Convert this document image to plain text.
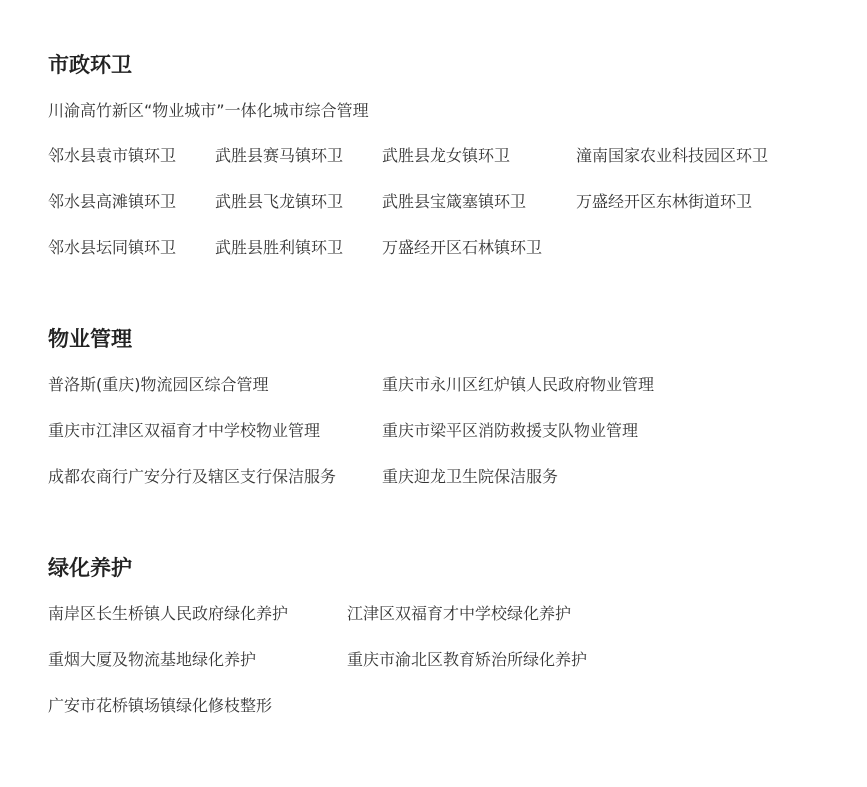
市政环卫
川渝高竹新区“物业城市”一体化城市综合管理
邻水县袁市镇环卫 武胜县赛马镇环卫 武胜县龙女镇环卫	潼南国家农业科技园区环卫
邻水县高滩镇环卫 武胜县飞龙镇环卫 武胜县宝箴塞镇环卫	万盛经开区东林街道环卫
邻水县坛同镇环卫 武胜县胜利镇环卫 万盛经开区石林镇环卫
物业管理
普洛斯(重庆)物流园区综合管理	重庆市永川区红炉镇人民政府物业管理
重庆市江津区双福育才中学校物业管理	重庆市梁平区消防救援支队物业管理
成都农商行广安分行及辖区支行保洁服务	重庆迎龙卫生院保洁服务
绿化养护
南岸区长生桥镇人民政府绿化养护	江津区双福育才中学校绿化养护
重烟大厦及物流基地绿化养护	重庆市渝北区教育矫治所绿化养护
广安市花桥镇场镇绿化修枝整形
